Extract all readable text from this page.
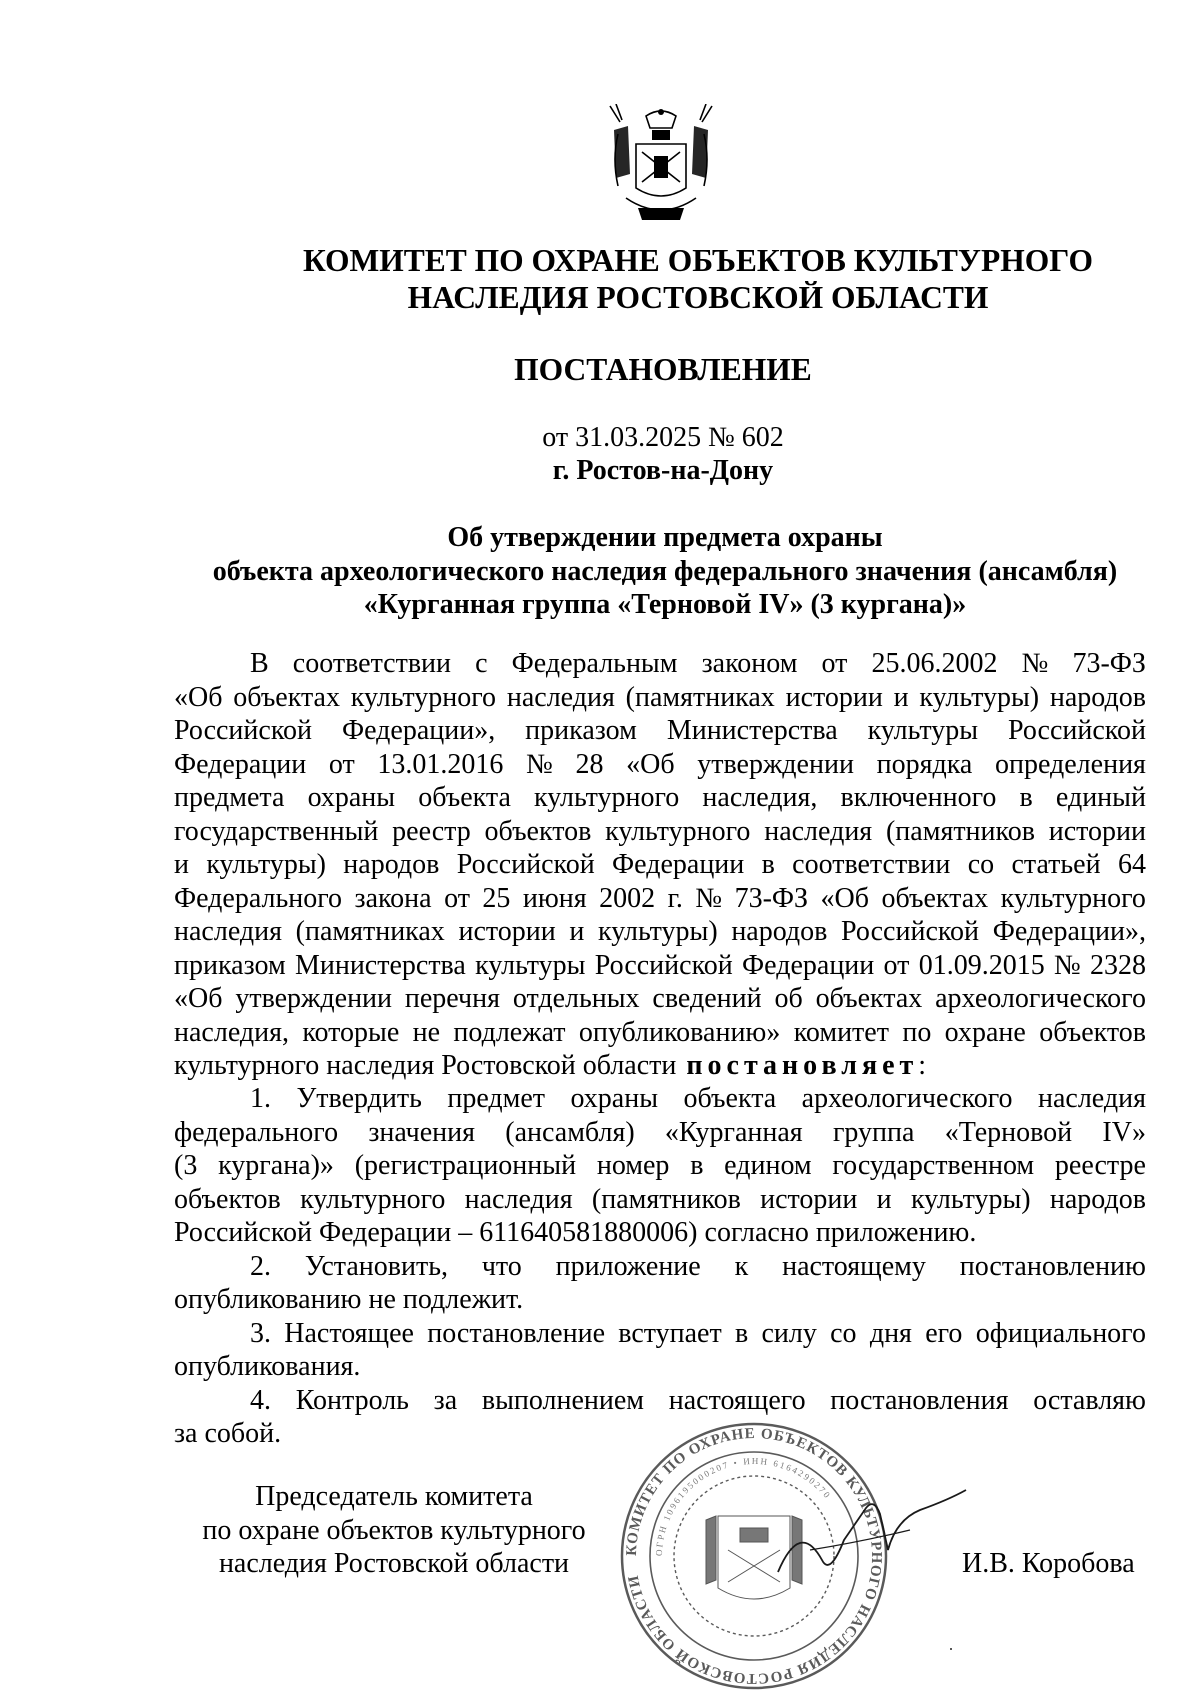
КОМИТЕТ ПО ОХРАНЕ ОБЪЕКТОВ КУЛЬТУРНОГО
НАСЛЕДИЯ РОСТОВСКОЙ ОБЛАСТИ
ПОСТАНОВЛЕНИЕ
от 31.03.2025 № 602
г. Ростов-на-Дону
Об утверждении предмета охраны
объекта археологического наследия федерального значения (ансамбля)
«Курганная группа «Терновой IV» (3 кургана)»
В соответствии с Федеральным законом от 25.06.2002 № 73-ФЗ
«Об объектах культурного наследия (памятниках истории и культуры) народов
Российской Федерации», приказом Министерства культуры Российской
Федерации от 13.01.2016 № 28 «Об утверждении порядка определения
предмета охраны объекта культурного наследия, включенного в единый
государственный реестр объектов культурного наследия (памятников истории
и культуры) народов Российской Федерации в соответствии со статьей 64
Федерального закона от 25 июня 2002 г. № 73-ФЗ «Об объектах культурного
наследия (памятниках истории и культуры) народов Российской Федерации»,
приказом Министерства культуры Российской Федерации от 01.09.2015 № 2328
«Об утверждении перечня отдельных сведений об объектах археологического
наследия, которые не подлежат опубликованию» комитет по охране объектов
культурного наследия Ростовской области постановляет :
1. Утвердить предмет охраны объекта археологического наследия
федерального значения (ансамбля) «Курганная группа «Терновой IV»
(3 кургана)» (регистрационный номер в едином государственном реестре
объектов культурного наследия (памятников истории и культуры) народов
Российской Федерации – 611640581880006) согласно приложению.
2. Установить, что приложение к настоящему постановлению
опубликованию не подлежит.
3. Настоящее постановление вступает в силу со дня его официального
опубликования.
4. Контроль за выполнением настоящего постановления оставляю
за собой.
Председатель комитета
по охране объектов культурного
наследия Ростовской области	КОМИТЕТ ПО ОХРАНЕ ОБЪЕКТОВ КУЛЬТУРНОГО НАСЛЕДИЯ РОСТОВСКОЙ ОБЛАСТИ
ОГРН 1096195000207 • ИНН 6164290270
И.В. Коробова
